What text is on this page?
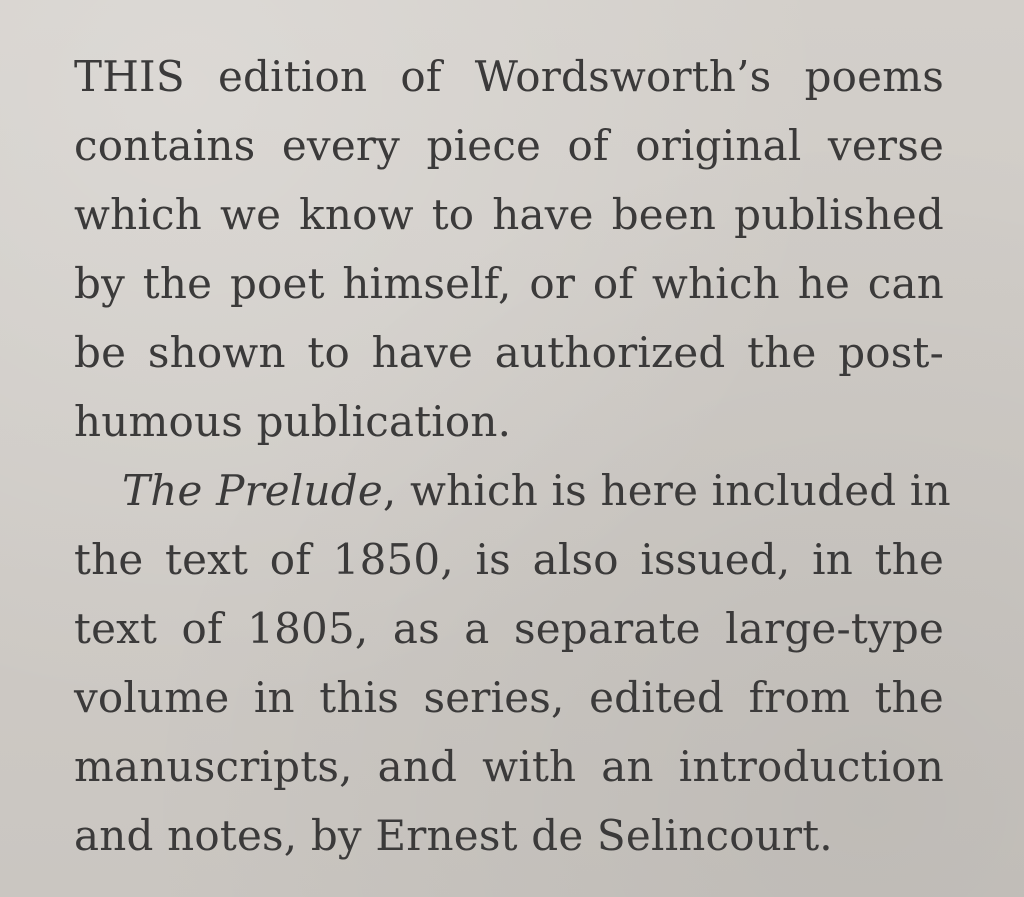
THIS edition of Wordsworth’s poems
contains every piece of original verse
which we know to have been published
by the poet himself, or of which he can
be shown to have authorized the post-
humous publication.
The Prelude, which is here included in
the text of 1850, is also issued, in the
text of 1805, as a separate large-type
volume in this series, edited from the
manuscripts, and with an introduction
and notes, by Ernest de Selincourt.
